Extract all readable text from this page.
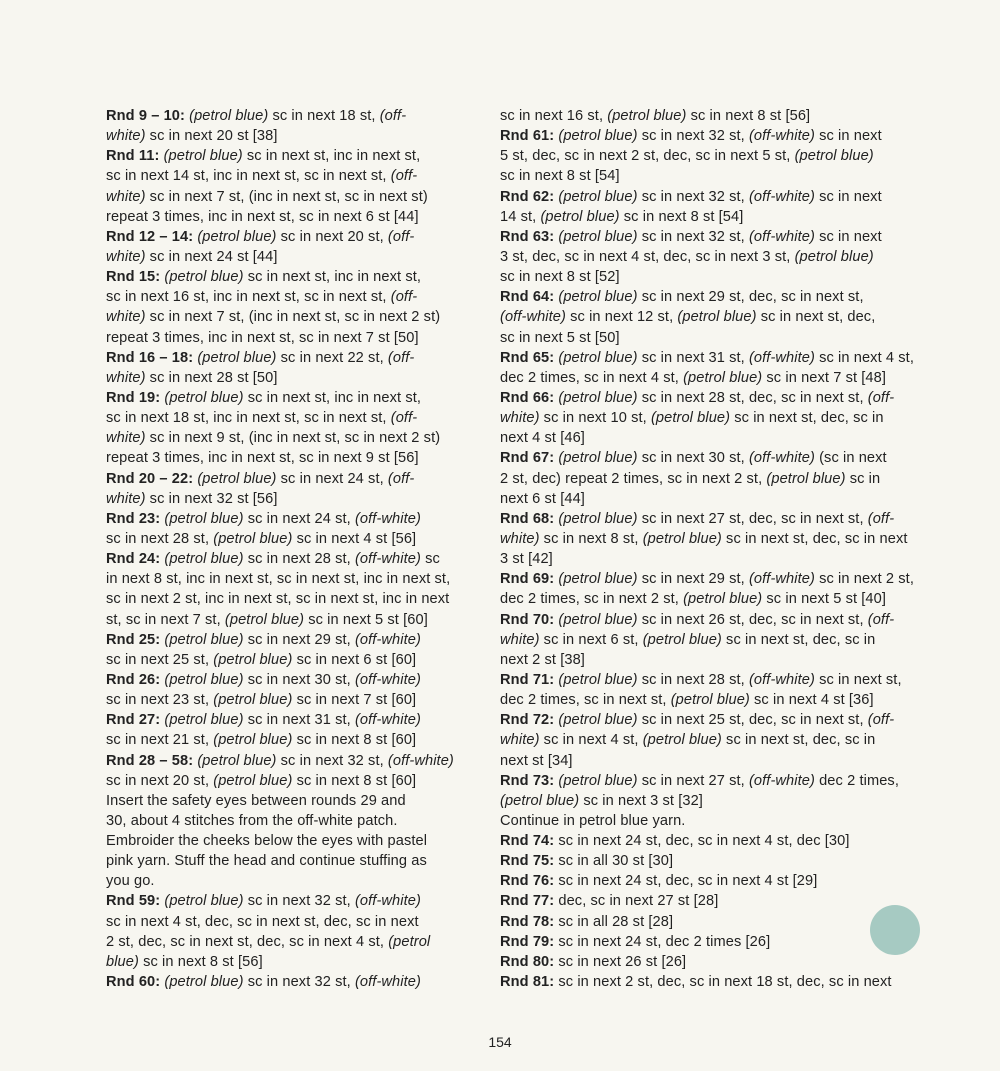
Rnd 9 – 10: (petrol blue) sc in next 18 st, (off-
white) sc in next 20 st [38]
Rnd 11: (petrol blue) sc in next st, inc in next st,
sc in next 14 st, inc in next st, sc in next st, (off-
white) sc in next 7 st, (inc in next st, sc in next st)
repeat 3 times, inc in next st, sc in next 6 st [44]
Rnd 12 – 14: (petrol blue) sc in next 20 st, (off-
white) sc in next 24 st [44]
Rnd 15: (petrol blue) sc in next st, inc in next st,
sc in next 16 st, inc in next st, sc in next st, (off-
white) sc in next 7 st, (inc in next st, sc in next 2 st)
repeat 3 times, inc in next st, sc in next 7 st [50]
Rnd 16 – 18: (petrol blue) sc in next 22 st, (off-
white) sc in next 28 st [50]
Rnd 19: (petrol blue) sc in next st, inc in next st,
sc in next 18 st, inc in next st, sc in next st, (off-
white) sc in next 9 st, (inc in next st, sc in next 2 st)
repeat 3 times, inc in next st, sc in next 9 st [56]
Rnd 20 – 22: (petrol blue) sc in next 24 st, (off-
white) sc in next 32 st [56]
Rnd 23: (petrol blue) sc in next 24 st, (off-white)
sc in next 28 st, (petrol blue) sc in next 4 st [56]
Rnd 24: (petrol blue) sc in next 28 st, (off-white) sc
in next 8 st, inc in next st, sc in next st, inc in next st,
sc in next 2 st, inc in next st, sc in next st, inc in next
st, sc in next 7 st, (petrol blue) sc in next 5 st [60]
Rnd 25: (petrol blue) sc in next 29 st, (off-white)
sc in next 25 st, (petrol blue) sc in next 6 st [60]
Rnd 26: (petrol blue) sc in next 30 st, (off-white)
sc in next 23 st, (petrol blue) sc in next 7 st [60]
Rnd 27: (petrol blue) sc in next 31 st, (off-white)
sc in next 21 st, (petrol blue) sc in next 8 st [60]
Rnd 28 – 58: (petrol blue) sc in next 32 st, (off-white)
sc in next 20 st, (petrol blue) sc in next 8 st [60]
Insert the safety eyes between rounds 29 and
30, about 4 stitches from the off-white patch.
Embroider the cheeks below the eyes with pastel
pink yarn. Stuff the head and continue stuffing as
you go.
Rnd 59: (petrol blue) sc in next 32 st, (off-white)
sc in next 4 st, dec, sc in next st, dec, sc in next
2 st, dec, sc in next st, dec, sc in next 4 st, (petrol
blue) sc in next 8 st [56]
Rnd 60: (petrol blue) sc in next 32 st, (off-white)
sc in next 16 st, (petrol blue) sc in next 8 st [56]
Rnd 61: (petrol blue) sc in next 32 st, (off-white) sc in next
5 st, dec, sc in next 2 st, dec, sc in next 5 st, (petrol blue)
sc in next 8 st [54]
Rnd 62: (petrol blue) sc in next 32 st, (off-white) sc in next
14 st, (petrol blue) sc in next 8 st [54]
Rnd 63: (petrol blue) sc in next 32 st, (off-white) sc in next
3 st, dec, sc in next 4 st, dec, sc in next 3 st, (petrol blue)
sc in next 8 st [52]
Rnd 64: (petrol blue) sc in next 29 st, dec, sc in next st,
(off-white) sc in next 12 st, (petrol blue) sc in next st, dec,
sc in next 5 st [50]
Rnd 65: (petrol blue) sc in next 31 st, (off-white) sc in next 4 st,
dec 2 times, sc in next 4 st, (petrol blue) sc in next 7 st [48]
Rnd 66: (petrol blue) sc in next 28 st, dec, sc in next st, (off-
white) sc in next 10 st, (petrol blue) sc in next st, dec, sc in
next 4 st [46]
Rnd 67: (petrol blue) sc in next 30 st, (off-white) (sc in next
2 st, dec) repeat 2 times, sc in next 2 st, (petrol blue) sc in
next 6 st [44]
Rnd 68: (petrol blue) sc in next 27 st, dec, sc in next st, (off-
white) sc in next 8 st, (petrol blue) sc in next st, dec, sc in next
3 st [42]
Rnd 69: (petrol blue) sc in next 29 st, (off-white) sc in next 2 st,
dec 2 times, sc in next 2 st, (petrol blue) sc in next 5 st [40]
Rnd 70: (petrol blue) sc in next 26 st, dec, sc in next st, (off-
white) sc in next 6 st, (petrol blue) sc in next st, dec, sc in
next 2 st [38]
Rnd 71: (petrol blue) sc in next 28 st, (off-white) sc in next st,
dec 2 times, sc in next st, (petrol blue) sc in next 4 st [36]
Rnd 72: (petrol blue) sc in next 25 st, dec, sc in next st, (off-
white) sc in next 4 st, (petrol blue) sc in next st, dec, sc in
next st [34]
Rnd 73: (petrol blue) sc in next 27 st, (off-white) dec 2 times,
(petrol blue) sc in next 3 st [32]
Continue in petrol blue yarn.
Rnd 74: sc in next 24 st, dec, sc in next 4 st, dec [30]
Rnd 75: sc in all 30 st [30]
Rnd 76: sc in next 24 st, dec, sc in next 4 st [29]
Rnd 77: dec, sc in next 27 st [28]
Rnd 78: sc in all 28 st [28]
Rnd 79: sc in next 24 st, dec 2 times [26]
Rnd 80: sc in next 26 st [26]
Rnd 81: sc in next 2 st, dec, sc in next 18 st, dec, sc in next
154
